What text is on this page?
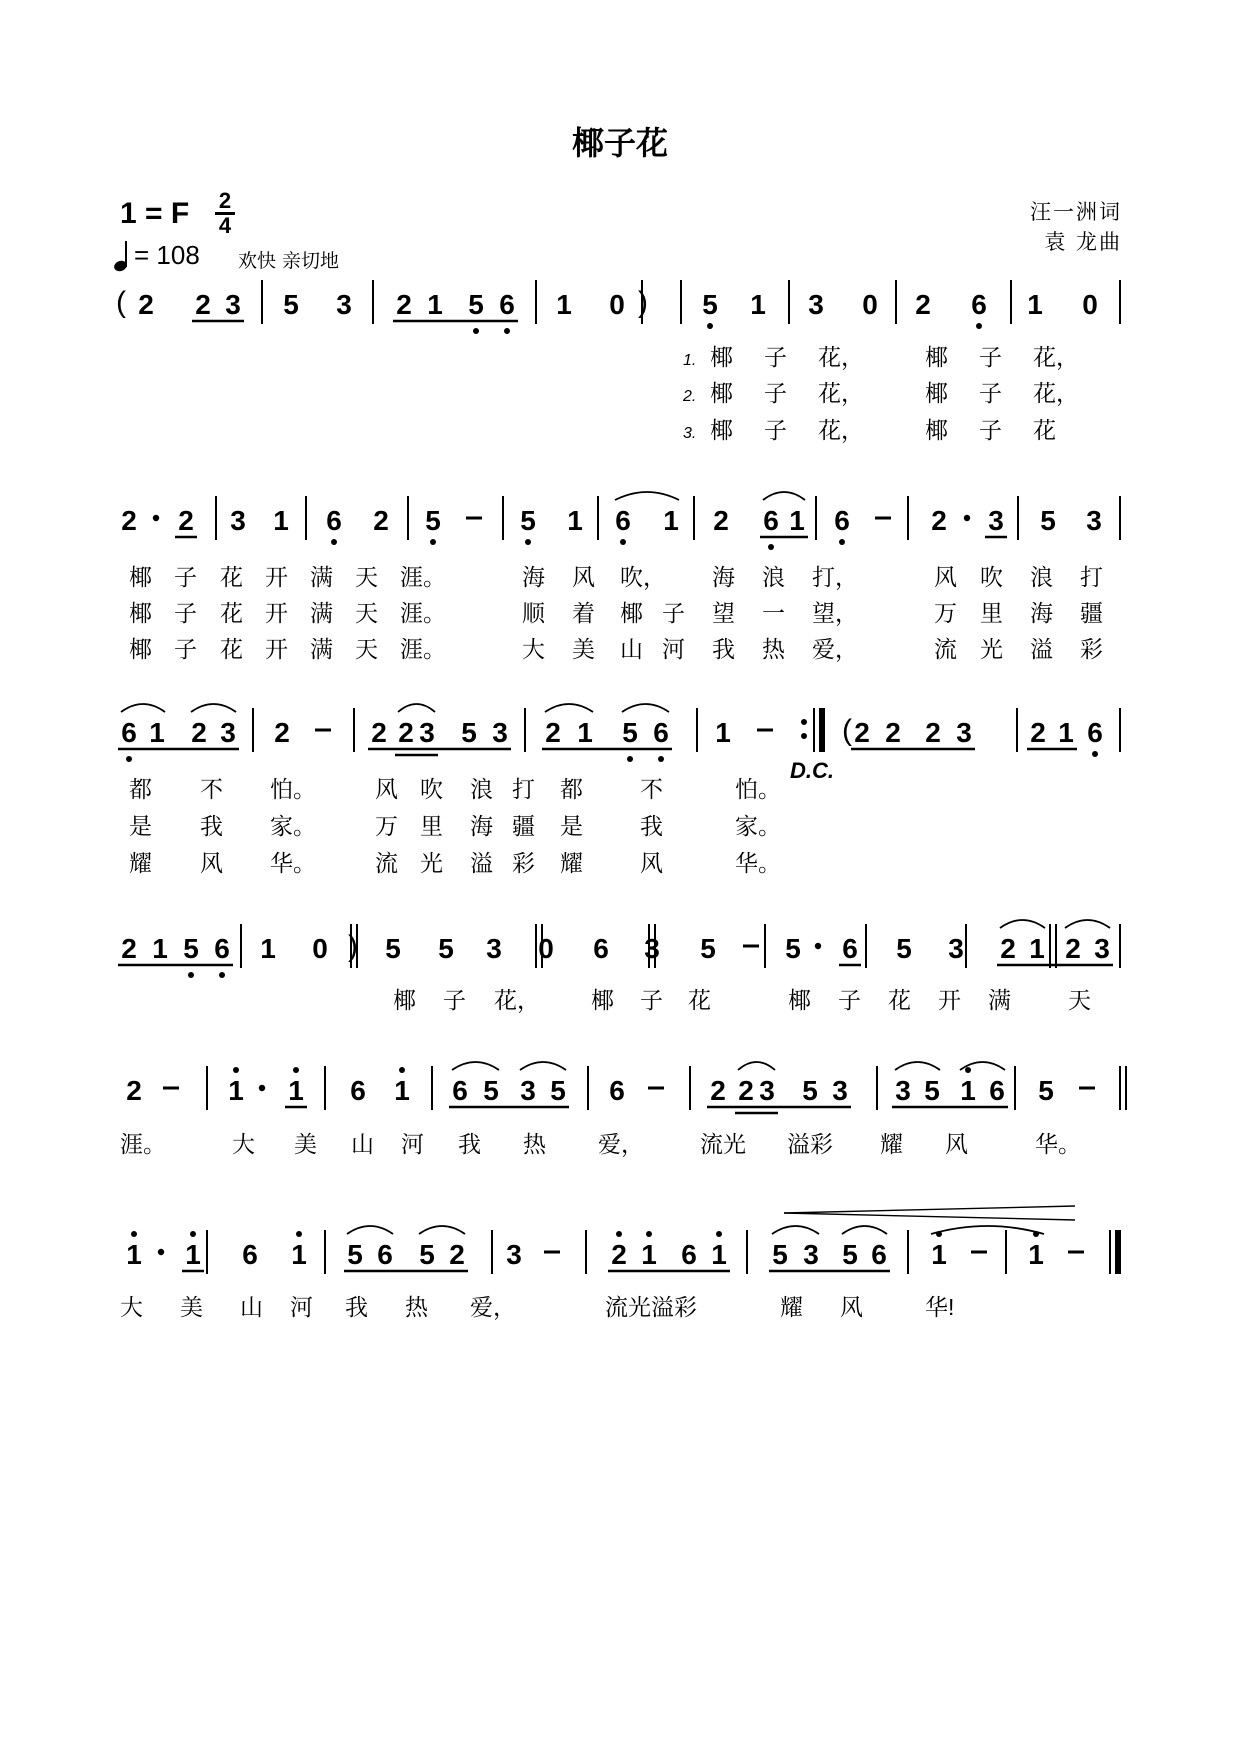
椰子花
1 = F 2
4
= 108 欢快 亲切地
汪一洲词
袁 龙曲
(	)
2 2 3 5 3 2 1 5 6 1 0	5 1 3 0 2 6 1 0
1. 椰 子 花，	椰 子 花，
2. 椰 子 花，	椰 子 花，
3. 椰 子 花，	椰 子 花
2 2 3 1 6 2 5	5 1 6 1 2 6 1 6	2 3 5 3
椰 子 花 开 满 天 涯。	海 风 吹， 海 浪 打，	风 吹 浪 打
椰 子 花 开 满 天 涯。	顺 着 椰 子 望 一 望，	万 里 海 疆
椰 子 花 开 满 天 涯。	大 美 山 河 我 热 爱，	流 光 溢 彩
D.C.
(
6 1 2 3 2	2 2 3 5 3 2 1 5 6 1	2 2 2 3 2 1 6
都 不 怕。	风 吹 浪 打 都 不	怕。
是 我 家。	万 里 海 疆 是 我	家。
耀 风 华。	流 光 溢 彩 耀 风	华。
)
2 1 5 6 1 0 5 5 3 0 6 3 5 5 6 5 3 2 1 2 3
椰 子 花， 椰 子 花	椰 子 花 开 满 天
2	1 1 6 1 6 5 3 5 6	2 2 3 5 3 3 5 1 6 5
涯。	大 美 山 河 我 热 爱， 流光 溢彩 耀 风	华。
1 1 6 1 5 6 5 2 3	2 1 6 1 5 3 5 6 1	1
大 美 山 河 我 热 爱，	流光溢彩	耀 风	华!
